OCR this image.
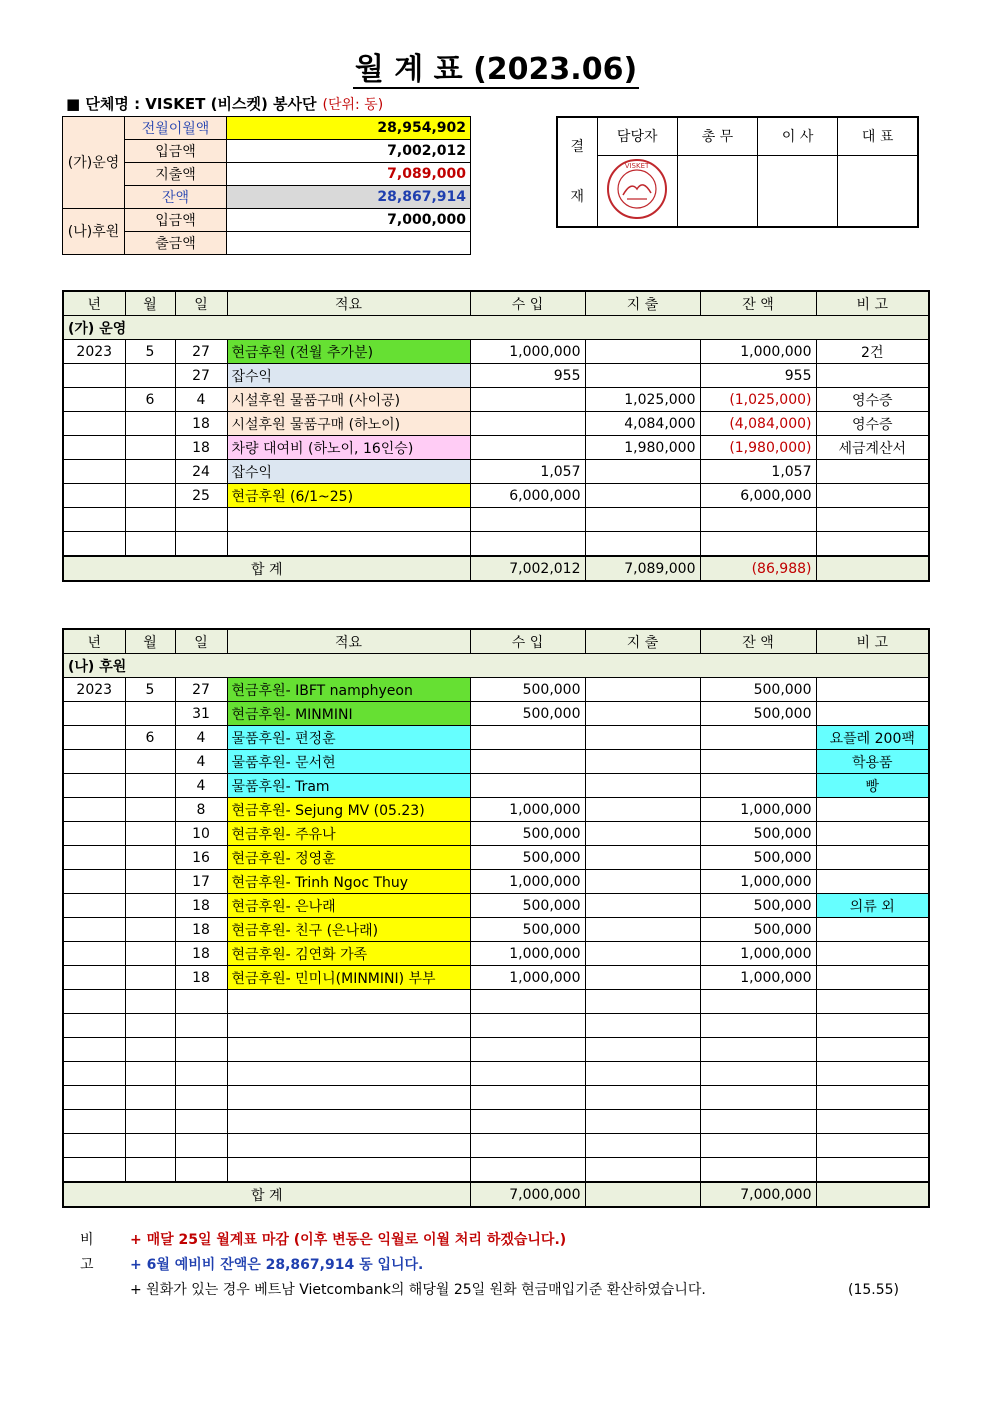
월 계 표 (2023.06)
■ 단체명 : VISKET (비스켓) 봉사단 (단위: 동)
(가)운영	전월이월액	28,954,902
	입금액	7,002,012
	지출액	7,089,000
	잔액	28,867,914
(나)후원	입금액	7,000,000
	출금액	
결
재	담당자	총 무	이 사	대 표

VISKET			

년	월	일	적요	수 입	지 출	잔 액	비 고
(가) 운영							
2023	5	27	현금후원 (전월 추가분)	1,000,000		1,000,000	2건
		27	잡수익	955		955	
	6	4	시설후원 물품구매 (사이공)		1,025,000	(1,025,000)	영수증
		18	시설후원 물품구매 (하노이)		4,084,000	(4,084,000)	영수증
		18	차량 대여비 (하노이, 16인승)		1,980,000	(1,980,000)	세금계산서
		24	잡수익	1,057		1,057	
		25	현금후원 (6/1~25)	6,000,000		6,000,000	

합 계				7,002,012	7,089,000	(86,988)	
년	월	일	적요	수 입	지 출	잔 액	비 고
(나) 후원							
2023	5	27	현금후원- IBFT namphyeon	500,000		500,000	
		31	현금후원- MINMINI	500,000		500,000	
	6	4	물품후원- 편정훈				요플레 200팩
		4	물품후원- 문서현				학용품
		4	물품후원- Tram				빵
		8	현금후원- Sejung MV (05.23)	1,000,000		1,000,000	
		10	현금후원- 주유나	500,000		500,000	
		16	현금후원- 정영훈	500,000		500,000	
		17	현금후원- Trinh Ngoc Thuy	1,000,000		1,000,000	
		18	현금후원- 은나래	500,000		500,000	의류 외
		18	현금후원- 친구 (은나래)	500,000		500,000	
		18	현금후원- 김연화 가족	1,000,000		1,000,000	
		18	현금후원- 민미니(MINMINI) 부부	1,000,000		1,000,000	

합 계				7,000,000		7,000,000	
비고
+ 매달 25일 월계표 마감 (이후 변동은 익월로 이월 처리 하겠습니다.)
+ 6월 예비비 잔액은 28,867,914 동 입니다.
+ 원화가 있는 경우 베트남 Vietcombank의 해당월 25일 원화 현금매입기준 환산하였습니다.	(15.55)
